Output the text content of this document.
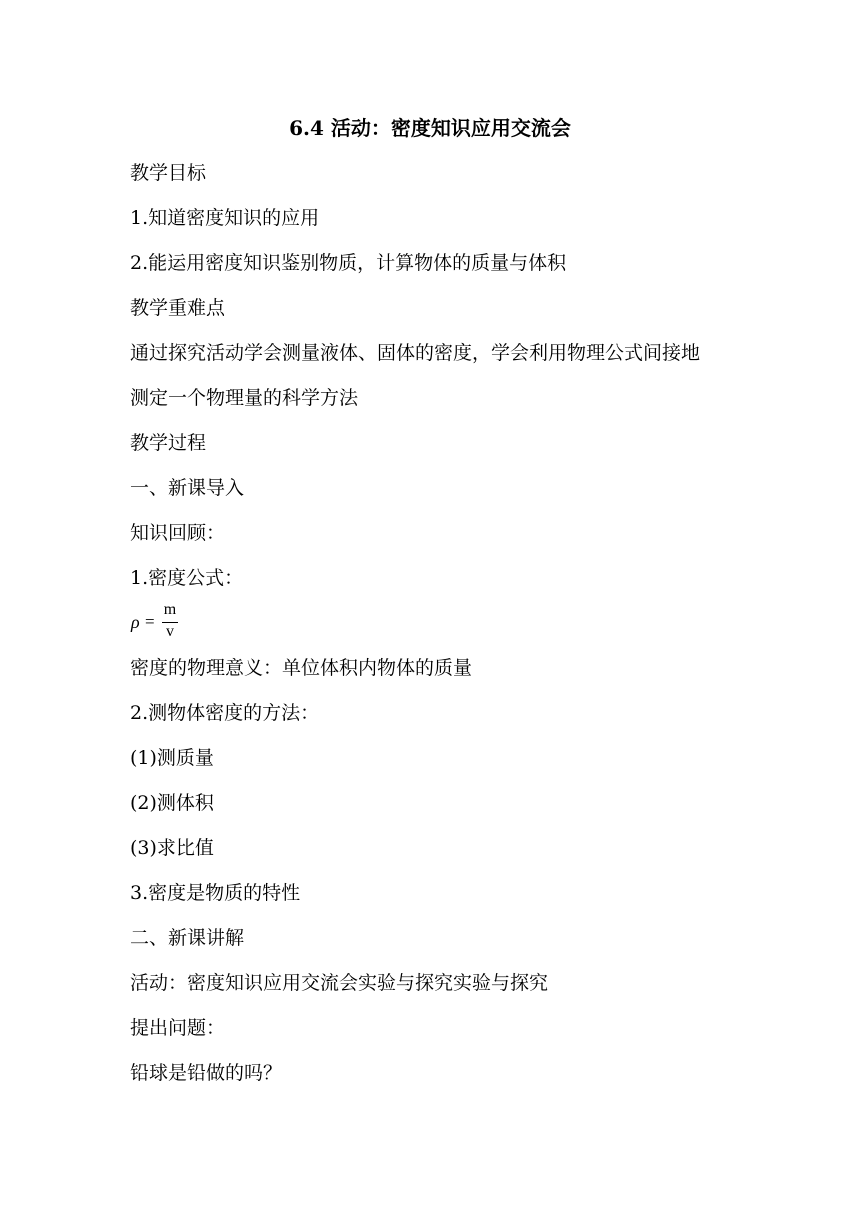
6.4 活动：密度知识应用交流会
教学目标
1.知道密度知识的应用
2.能运用密度知识鉴别物质，计算物体的质量与体积
教学重难点
通过探究活动学会测量液体、固体的密度，学会利用物理公式间接地
测定一个物理量的科学方法
教学过程
一、新课导入
知识回顾：
1.密度公式：
ρ =
m
v
密度的物理意义：单位体积内物体的质量
2.测物体密度的方法：
(1)测质量
(2)测体积
(3)求比值
3.密度是物质的特性
二、新课讲解
活动：密度知识应用交流会实验与探究实验与探究
提出问题：
铅球是铅做的吗？
